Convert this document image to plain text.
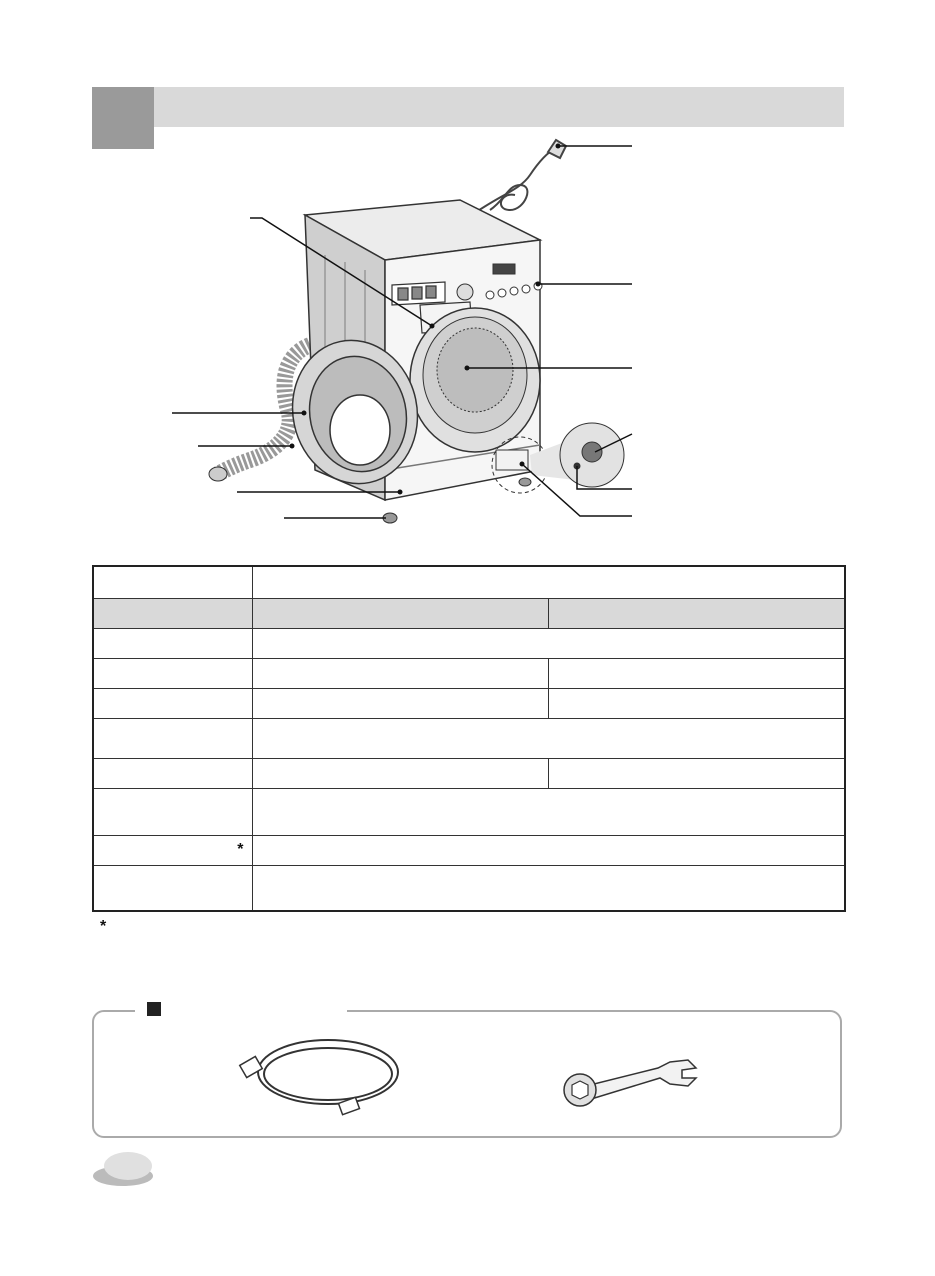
*		

*
